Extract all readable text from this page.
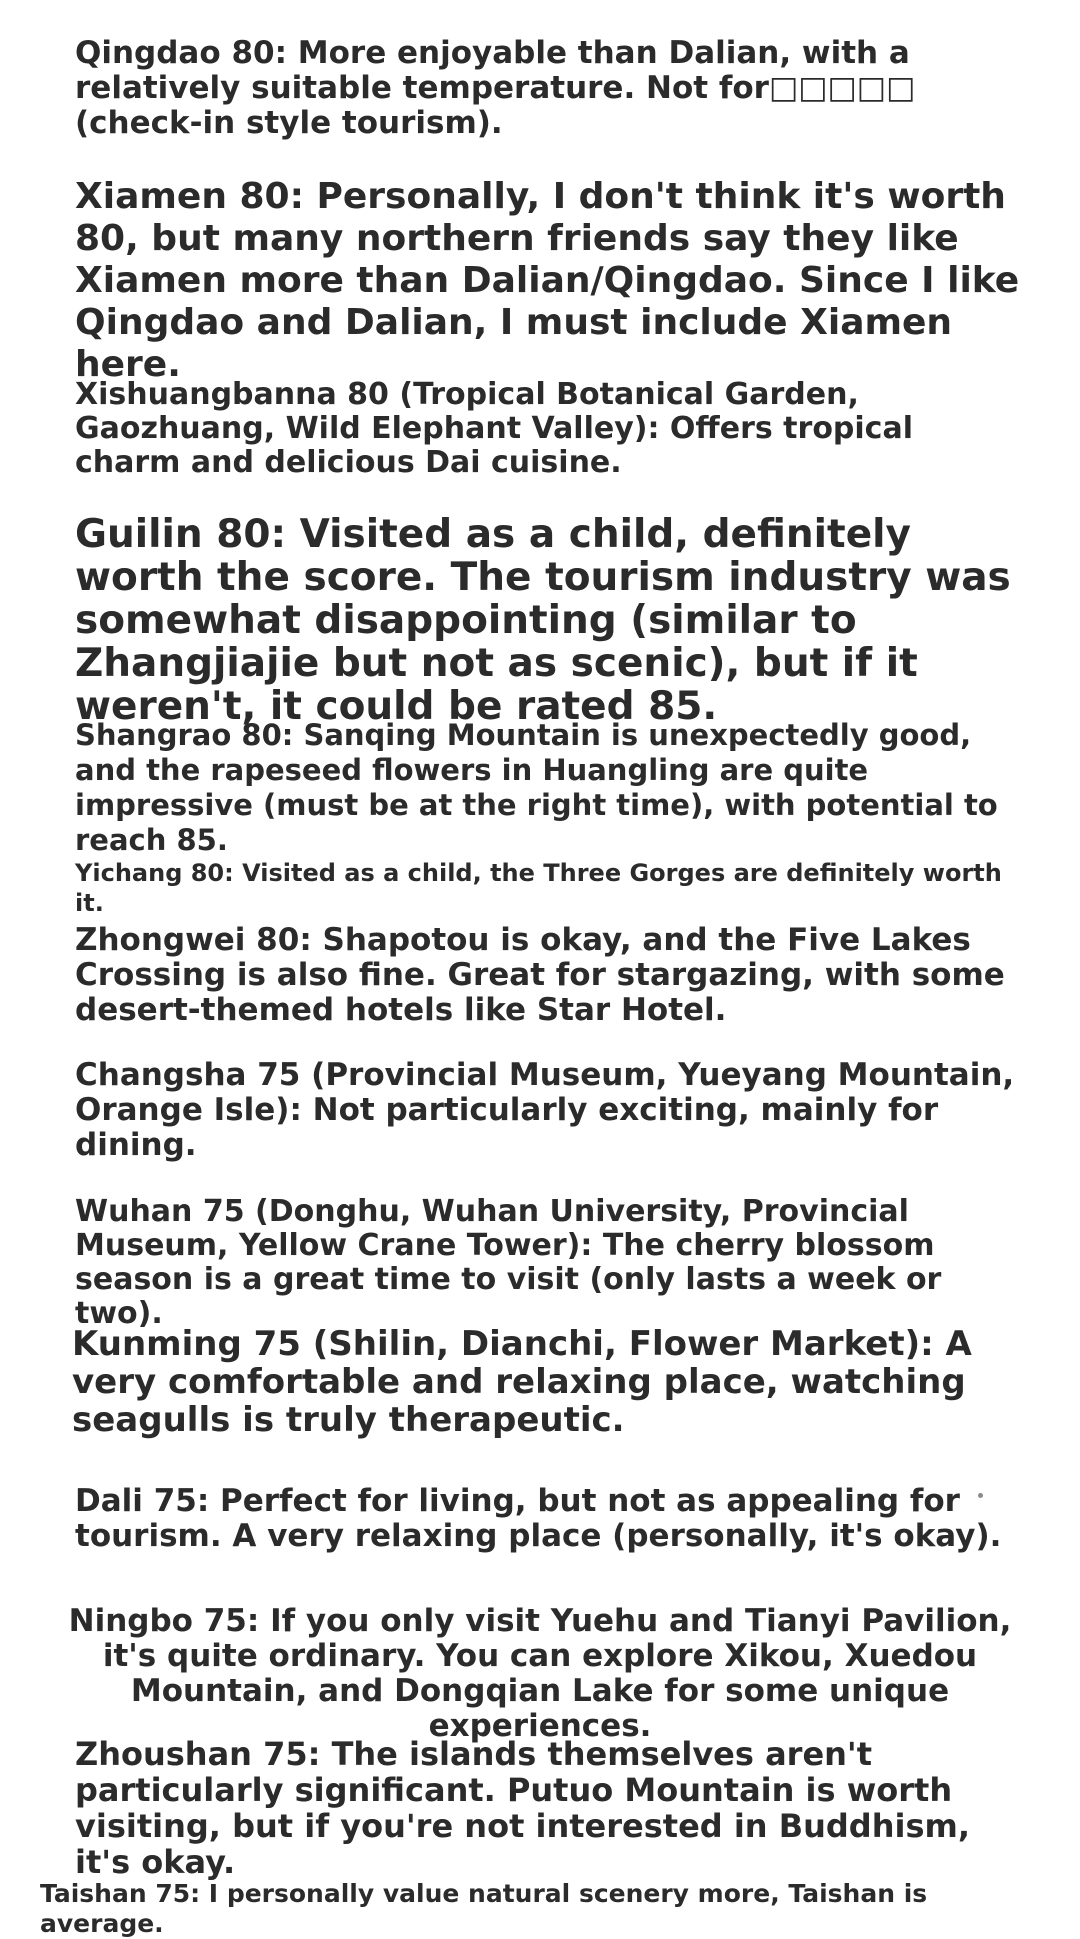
Qingdao 80: More enjoyable than Dalian, with a relatively suitable temperature. Not for□□□□□ (check-in style tourism).

Xiamen 80: Personally, I don't think it's worth 80, but many northern friends say they like Xiamen more than Dalian/Qingdao. Since I like Qingdao and Dalian, I must include Xiamen here.

Xishuangbanna 80 (Tropical Botanical Garden, Gaozhuang, Wild Elephant Valley): Offers tropical charm and delicious Dai cuisine.

Guilin 80: Visited as a child, definitely worth the score. The tourism industry was somewhat disappointing (similar to Zhangjiajie but not as scenic), but if it weren't, it could be rated 85.

Shangrao 80: Sanqing Mountain is unexpectedly good, and the rapeseed flowers in Huangling are quite impressive (must be at the right time), with potential to reach 85.

Yichang 80: Visited as a child, the Three Gorges are definitely worth it.

Zhongwei 80: Shapotou is okay, and the Five Lakes Crossing is also fine. Great for stargazing, with some desert-themed hotels like Star Hotel.

Changsha 75 (Provincial Museum, Yueyang Mountain, Orange Isle): Not particularly exciting, mainly for dining.

Wuhan 75 (Donghu, Wuhan University, Provincial Museum, Yellow Crane Tower): The cherry blossom season is a great time to visit (only lasts a week or two).

Kunming 75 (Shilin, Dianchi, Flower Market): A very comfortable and relaxing place, watching seagulls is truly therapeutic.

Dali 75: Perfect for living, but not as appealing for tourism. A very relaxing place (personally, it's okay).

Ningbo 75: If you only visit Yuehu and Tianyi Pavilion, it's quite ordinary. You can explore Xikou, Xuedou Mountain, and Dongqian Lake for some unique experiences.

Zhoushan 75: The islands themselves aren't particularly significant. Putuo Mountain is worth visiting, but if you're not interested in Buddhism, it's okay.

Taishan 75: I personally value natural scenery more, Taishan is average.
